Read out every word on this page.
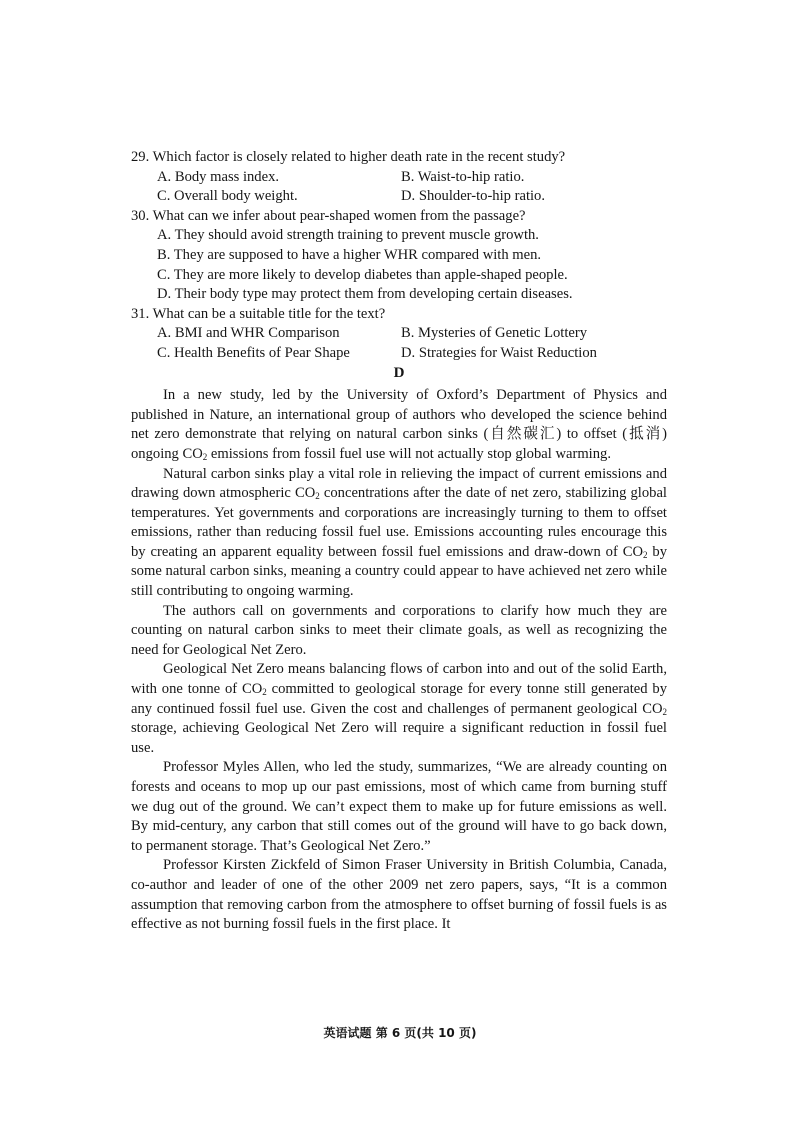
29. Which factor is closely related to higher death rate in the recent study?
A. Body mass index.	B. Waist-to-hip ratio.
C. Overall body weight.	D. Shoulder-to-hip ratio.
30. What can we infer about pear-shaped women from the passage?
A. They should avoid strength training to prevent muscle growth.
B. They are supposed to have a higher WHR compared with men.
C. They are more likely to develop diabetes than apple-shaped people.
D. Their body type may protect them from developing certain diseases.
31. What can be a suitable title for the text?
A. BMI and WHR Comparison	B. Mysteries of Genetic Lottery
C. Health Benefits of Pear Shape	D. Strategies for Waist Reduction
D

In a new study, led by the University of Oxford’s Department of Physics and published in Nature, an international group of authors who developed the science behind net zero demonstrate that relying on natural carbon sinks (自然碳汇) to offset (抵消) ongoing $CO_2$ emissions from fossil fuel use will not actually stop global warming.

Natural carbon sinks play a vital role in relieving the impact of current emissions and drawing down atmospheric $CO_2$ concentrations after the date of net zero, stabilizing global temperatures. Yet governments and corporations are increasingly turning to them to offset emissions, rather than reducing fossil fuel use. Emissions accounting rules encourage this by creating an apparent equality between fossil fuel emissions and draw-down of $CO_2$ by some natural carbon sinks, meaning a country could appear to have achieved net zero while still contributing to ongoing warming.

The authors call on governments and corporations to clarify how much they are counting on natural carbon sinks to meet their climate goals, as well as recognizing the need for Geological Net Zero.

Geological Net Zero means balancing flows of carbon into and out of the solid Earth, with one tonne of $CO_2$ committed to geological storage for every tonne still generated by any continued fossil fuel use. Given the cost and challenges of permanent geological $CO_2$ storage, achieving Geological Net Zero will require a significant reduction in fossil fuel use.

Professor Myles Allen, who led the study, summarizes, “We are already counting on forests and oceans to mop up our past emissions, most of which came from burning stuff we dug out of the ground. We can’t expect them to make up for future emissions as well. By mid-century, any carbon that still comes out of the ground will have to go back down, to permanent storage. That’s Geological Net Zero.”

Professor Kirsten Zickfeld of Simon Fraser University in British Columbia, Canada, co-author and leader of one of the other 2009 net zero papers, says, “It is a common assumption that removing carbon from the atmosphere to offset burning of fossil fuels is as effective as not burning fossil fuels in the first place. It

英语试题 第 6 页(共 10 页)
